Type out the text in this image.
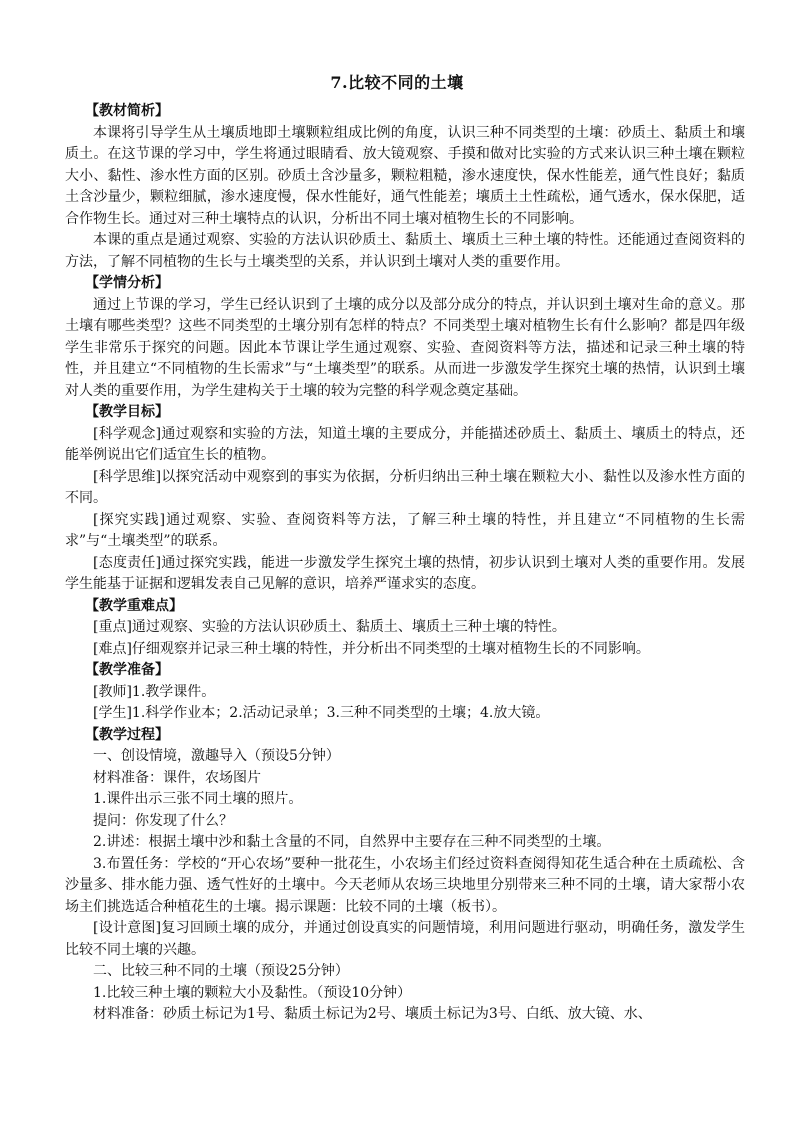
7.比较不同的土壤

【教材简析】

本课将引导学生从土壤质地即土壤颗粒组成比例的角度，认识三种不同类型的土壤：砂质土、黏质土和壤质土。在这节课的学习中，学生将通过眼睛看、放大镜观察、手摸和做对比实验的方式来认识三种土壤在颗粒大小、黏性、渗水性方面的区别。砂质土含沙量多，颗粒粗糙，渗水速度快，保水性能差，通气性良好；黏质土含沙量少，颗粒细腻，渗水速度慢，保水性能好，通气性能差；壤质土土性疏松，通气透水，保水保肥，适合作物生长。通过对三种土壤特点的认识，分析出不同土壤对植物生长的不同影响。

本课的重点是通过观察、实验的方法认识砂质土、黏质土、壤质土三种土壤的特性。还能通过查阅资料的方法，了解不同植物的生长与土壤类型的关系，并认识到土壤对人类的重要作用。

【学情分析】

通过上节课的学习，学生已经认识到了土壤的成分以及部分成分的特点，并认识到土壤对生命的意义。那土壤有哪些类型？这些不同类型的土壤分别有怎样的特点？不同类型土壤对植物生长有什么影响？都是四年级学生非常乐于探究的问题。因此本节课让学生通过观察、实验、查阅资料等方法，描述和记录三种土壤的特性，并且建立“不同植物的生长需求”与“土壤类型”的联系。从而进一步激发学生探究土壤的热情，认识到土壤对人类的重要作用，为学生建构关于土壤的较为完整的科学观念奠定基础。

【教学目标】

[科学观念]通过观察和实验的方法，知道土壤的主要成分，并能描述砂质土、黏质土、壤质土的特点，还能举例说出它们适宜生长的植物。

[科学思维]以探究活动中观察到的事实为依据，分析归纳出三种土壤在颗粒大小、黏性以及渗水性方面的不同。

[探究实践]通过观察、实验、查阅资料等方法，了解三种土壤的特性，并且建立“不同植物的生长需求”与“土壤类型”的联系。

[态度责任]通过探究实践，能进一步激发学生探究土壤的热情，初步认识到土壤对人类的重要作用。发展学生能基于证据和逻辑发表自己见解的意识，培养严谨求实的态度。

【教学重难点】

[重点]通过观察、实验的方法认识砂质土、黏质土、壤质土三种土壤的特性。

[难点]仔细观察并记录三种土壤的特性，并分析出不同类型的土壤对植物生长的不同影响。

【教学准备】

[教师]1.教学课件。

[学生]1.科学作业本；2.活动记录单；3.三种不同类型的土壤；4.放大镜。

【教学过程】

一、创设情境，激趣导入（预设5分钟）

材料准备：课件，农场图片

1.课件出示三张不同土壤的照片。

提问：你发现了什么？

2.讲述：根据土壤中沙和黏土含量的不同，自然界中主要存在三种不同类型的土壤。

3.布置任务：学校的“开心农场”要种一批花生，小农场主们经过资料查阅得知花生适合种在土质疏松、含沙量多、排水能力强、透气性好的土壤中。今天老师从农场三块地里分别带来三种不同的土壤，请大家帮小农场主们挑选适合种植花生的土壤。揭示课题：比较不同的土壤（板书）。

[设计意图]复习回顾土壤的成分，并通过创设真实的问题情境，利用问题进行驱动，明确任务，激发学生比较不同土壤的兴趣。

二、比较三种不同的土壤（预设25分钟）

1.比较三种土壤的颗粒大小及黏性。（预设10分钟）

材料准备：砂质土标记为1号、黏质土标记为2号、壤质土标记为3号、白纸、放大镜、水、
